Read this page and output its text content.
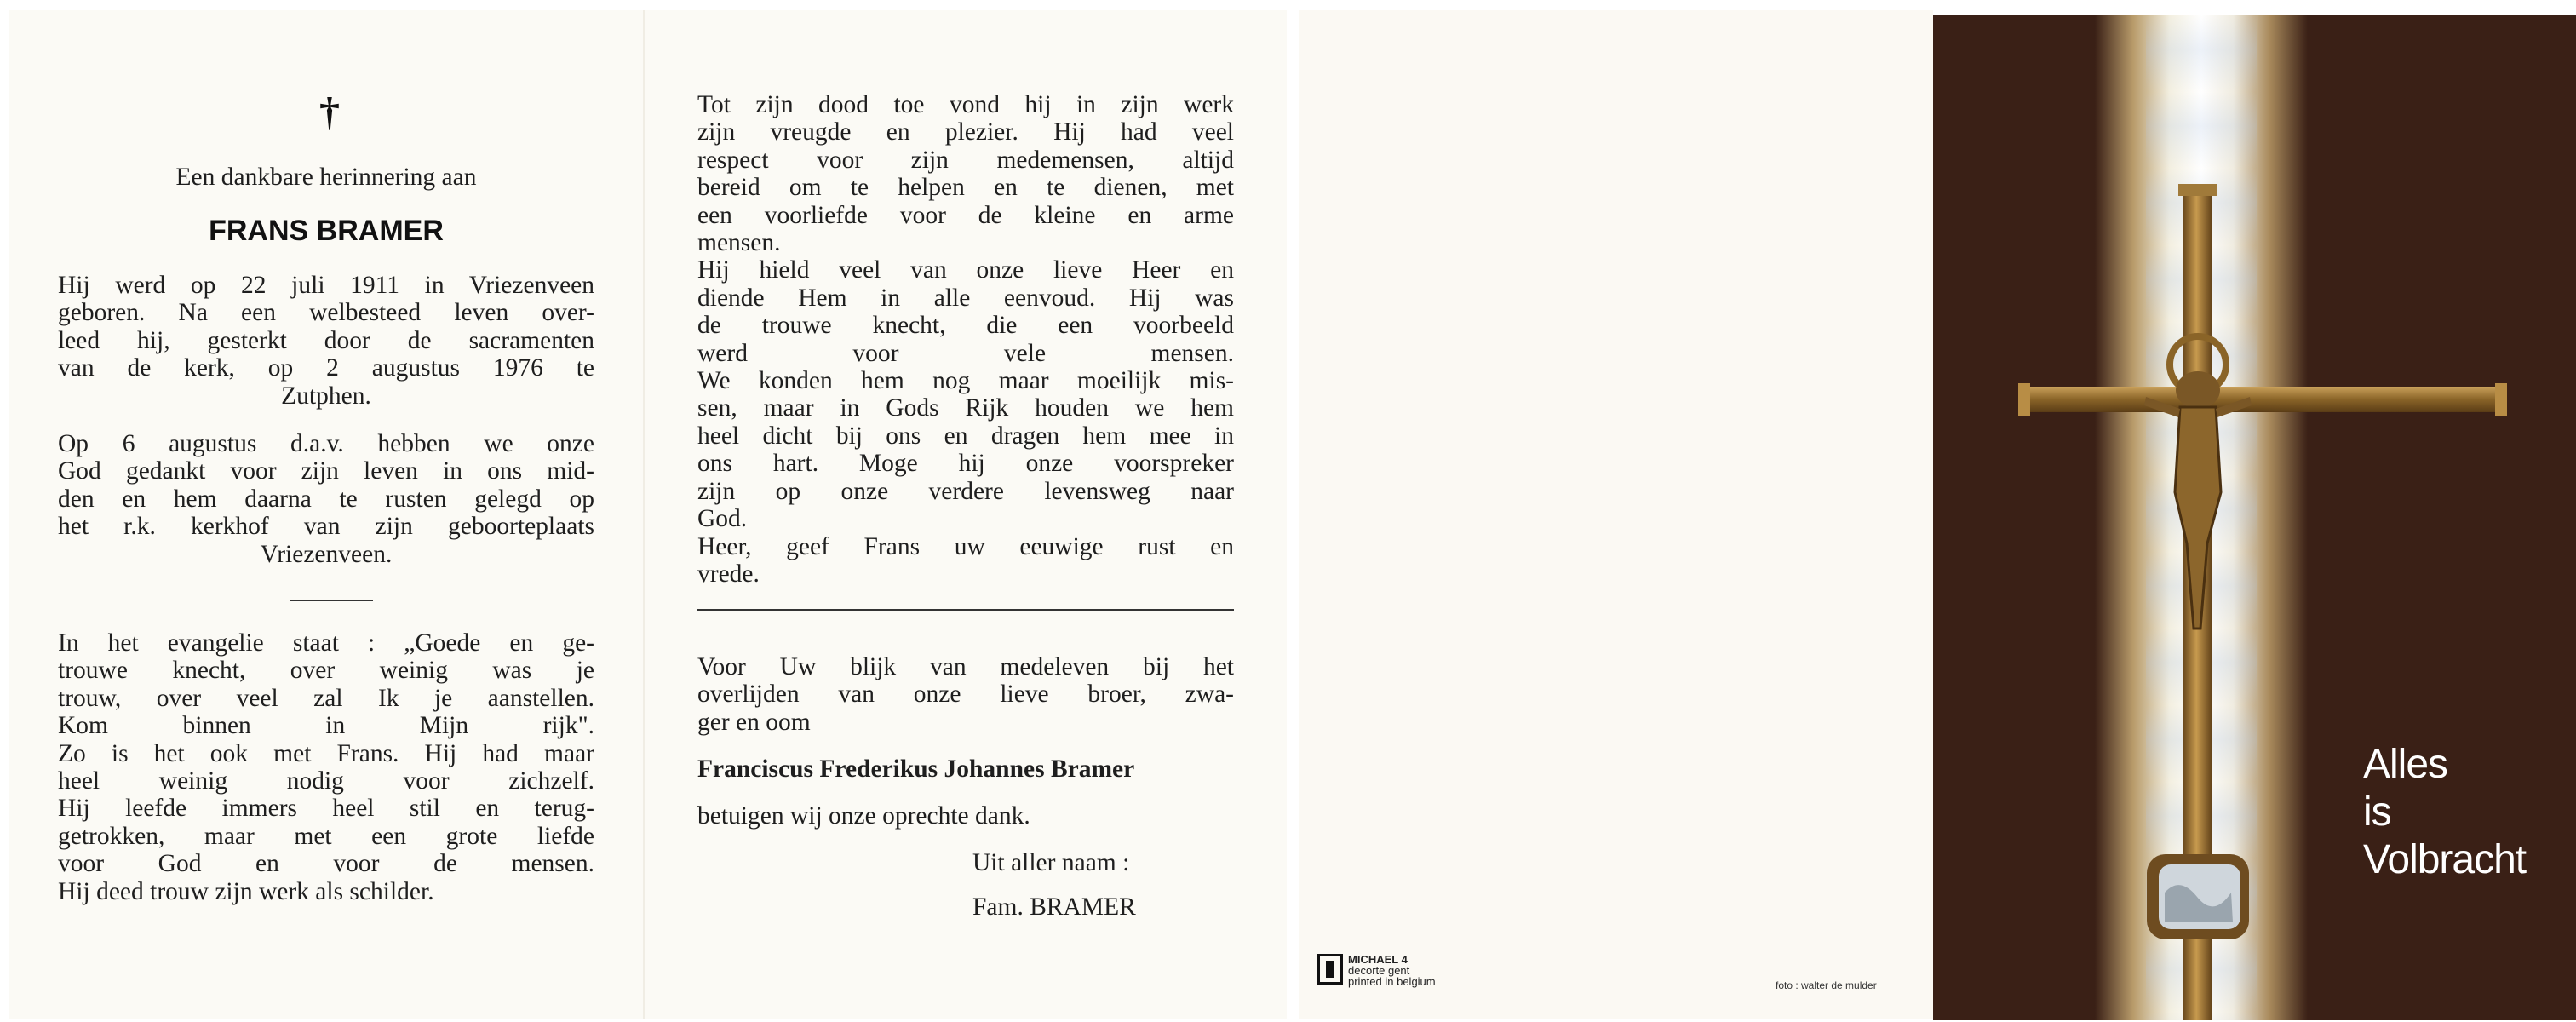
†
Een dankbare herinnering aan
FRANS BRAMER
Hij werd op 22 juli 1911 in Vriezenveen
geboren. Na een welbesteed leven over-
leed hij, gesterkt door de sacramenten
van de kerk, op 2 augustus 1976 te
Zutphen.
Op 6 augustus d.a.v. hebben we onze
God gedankt voor zijn leven in ons mid-
den en hem daarna te rusten gelegd op
het r.k. kerkhof van zijn geboorteplaats
Vriezenveen.
In het evangelie staat : „Goede en ge-
trouwe knecht, over weinig was je
trouw, over veel zal Ik je aanstellen.
Kom binnen in Mijn rijk".
Zo is het ook met Frans. Hij had maar
heel weinig nodig voor zichzelf.
Hij leefde immers heel stil en terug-
getrokken, maar met een grote liefde
voor God en voor de mensen.
Hij deed trouw zijn werk als schilder.
Tot zijn dood toe vond hij in zijn werk
zijn vreugde en plezier. Hij had veel
respect voor zijn medemensen, altijd
bereid om te helpen en te dienen, met
een voorliefde voor de kleine en arme
mensen.
Hij hield veel van onze lieve Heer en
diende Hem in alle eenvoud. Hij was
de trouwe knecht, die een voorbeeld
werd voor vele mensen.
We konden hem nog maar moeilijk mis-
sen, maar in Gods Rijk houden we hem
heel dicht bij ons en dragen hem mee in
ons hart. Moge hij onze voorspreker
zijn op onze verdere levensweg naar
God.
Heer, geef Frans uw eeuwige rust en
vrede.
Voor Uw blijk van medeleven bij het
overlijden van onze lieve broer, zwa-
ger en oom
Franciscus Frederikus Johannes Bramer
betuigen wij onze oprechte dank.
Uit aller naam :
Fam. BRAMER
MICHAEL 4
decorte gent
printed in belgium	foto : walter de mulder
Alles
is
Volbracht
